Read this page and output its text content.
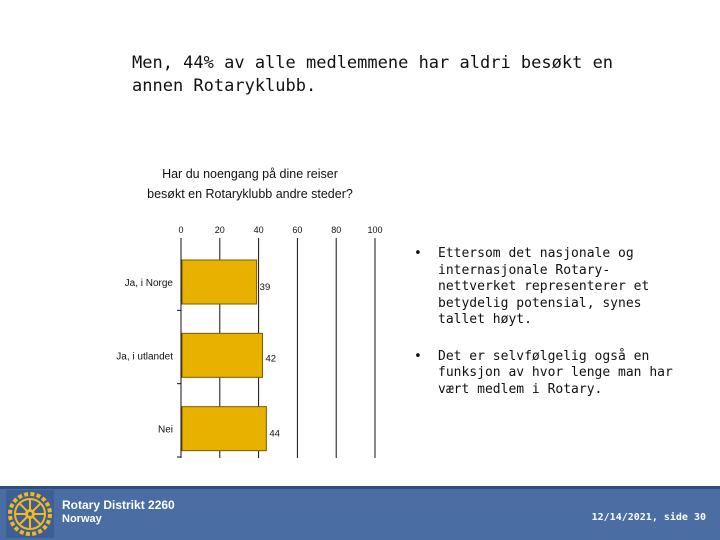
Men, 44% av alle medlemmene har aldri besøkt en
annen Rotaryklubb.
Har du noengang på dine reiser
besøkt en Rotaryklubb andre steder?
0	20	40	60	80	100
39
Ja, i Norge
42
Ja, i utlandet
44
Nei
•	Ettersom det nasjonale og internasjonale Rotary-nettverket representerer et betydelig potensial, synes tallet høyt.
•	Det er selvfølgelig også en funksjon av hvor lenge man har vært medlem i Rotary.
Rotary Distrikt 2260
Norway	12/14/2021, side 30
